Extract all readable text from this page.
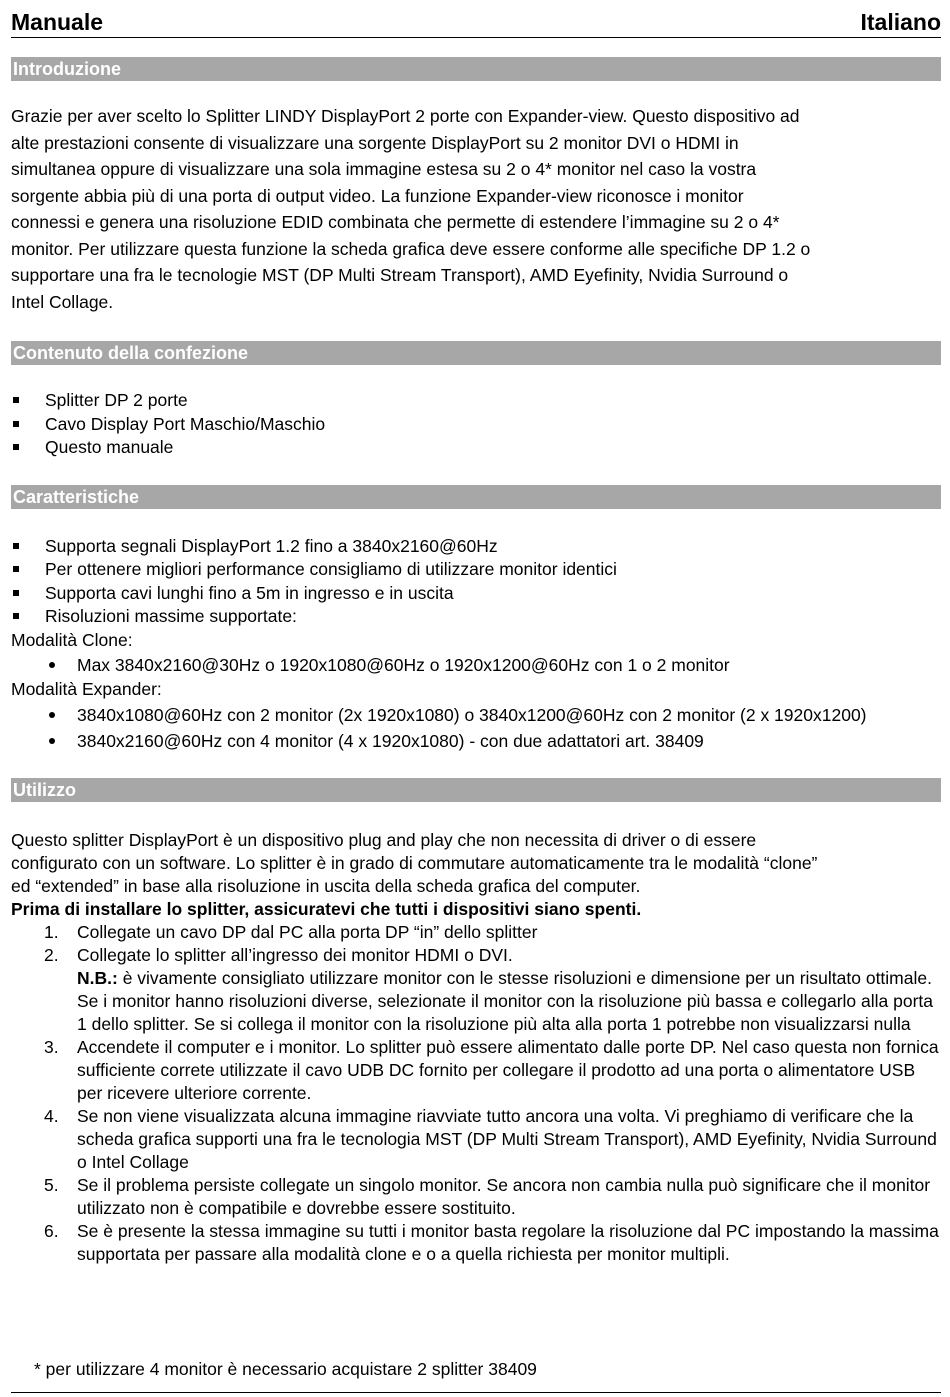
Manuale	Italiano
Introduzione

Grazie per aver scelto lo Splitter LINDY DisplayPort 2 porte con Expander-view. Questo dispositivo ad

alte prestazioni consente di visualizzare una sorgente DisplayPort su 2 monitor DVI o HDMI in

simultanea oppure di visualizzare una sola immagine estesa su 2 o 4* monitor nel caso la vostra

sorgente abbia più di una porta di output video. La funzione Expander-view riconosce i monitor

connessi e genera una risoluzione EDID combinata che permette di estendere l’immagine su 2 o 4*

monitor. Per utilizzare questa funzione la scheda grafica deve essere conforme alle specifiche DP 1.2 o

supportare una fra le tecnologie MST (DP Multi Stream Transport), AMD Eyefinity, Nvidia Surround o

Intel Collage.

Contenuto della confezione
Splitter DP 2 porte
Cavo Display Port Maschio/Maschio
Questo manuale
Caratteristiche
Supporta segnali DisplayPort 1.2 fino a 3840x2160@60Hz
Per ottenere migliori performance consigliamo di utilizzare monitor identici
Supporta cavi lunghi fino a 5m in ingresso e in uscita
Risoluzioni massime supportate:
Modalità Clone:
Max 3840x2160@30Hz o 1920x1080@60Hz o 1920x1200@60Hz con 1 o 2 monitor
Modalità Expander:
3840x1080@60Hz con 2 monitor (2x 1920x1080) o 3840x1200@60Hz con 2 monitor (2 x 1920x1200)
3840x2160@60Hz con 4 monitor (4 x 1920x1080) - con due adattatori art. 38409
Utilizzo

Questo splitter DisplayPort è un dispositivo plug and play che non necessita di driver o di essere

configurato con un software. Lo splitter è in grado di commutare automaticamente tra le modalità “clone”

ed “extended” in base alla risoluzione in uscita della scheda grafica del computer.

Prima di installare lo splitter, assicuratevi che tutti i dispositivi siano spenti.

1. Collegate un cavo DP dal PC alla porta DP “in” dello splitter
2. Collegate lo splitter all’ingresso dei monitor HDMI o DVI.
N.B.: è vivamente consigliato utilizzare monitor con le stesse risoluzioni e dimensione per un risultato ottimale. Se i monitor hanno risoluzioni diverse, selezionate il monitor con la risoluzione più bassa e collegarlo alla porta 1 dello splitter. Se si collega il monitor con la risoluzione più alta alla porta 1 potrebbe non visualizzarsi nulla
3. Accendete il computer e i monitor. Lo splitter può essere alimentato dalle porte DP. Nel caso questa non fornica sufficiente correte utilizzate il cavo UDB DC fornito per collegare il prodotto ad una porta o alimentatore USB per ricevere ulteriore corrente.
4. Se non viene visualizzata alcuna immagine riavviate tutto ancora una volta. Vi preghiamo di verificare che la scheda grafica supporti una fra le tecnologia MST (DP Multi Stream Transport), AMD Eyefinity, Nvidia Surround o Intel Collage
5. Se il problema persiste collegate un singolo monitor. Se ancora non cambia nulla può significare che il monitor utilizzato non è compatibile e dovrebbe essere sostituito.
6. Se è presente la stessa immagine su tutti i monitor basta regolare la risoluzione dal PC impostando la massima supportata per passare alla modalità clone e o a quella richiesta per monitor multipli.
* per utilizzare 4 monitor è necessario acquistare 2 splitter 38409
